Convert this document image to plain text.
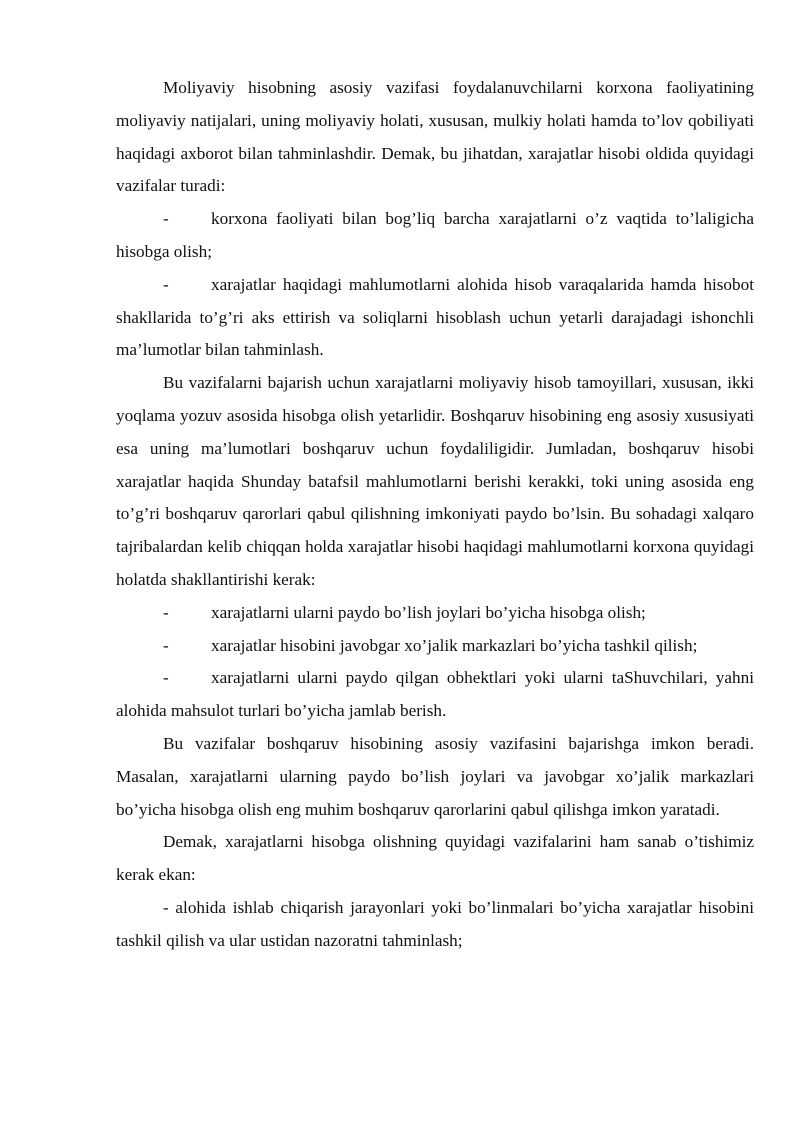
Moliyaviy hisobning asosiy vazifasi foydalanuvchilarni korxona faoliyatining moliyaviy natijalari, uning moliyaviy holati, xususan, mulkiy holati hamda to’lov qobiliyati haqidagi axborot bilan tahminlashdir. Demak, bu jihatdan, xarajatlar hisobi oldida quyidagi vazifalar turadi:

- korxona faoliyati bilan bog’liq barcha xarajatlarni o’z vaqtida to’laligicha hisobga olish;

- xarajatlar haqidagi mahlumotlarni alohida hisob varaqalarida hamda hisobot shakllarida to’g’ri aks ettirish va soliqlarni hisoblash uchun yetarli darajadagi ishonchli ma’lumotlar bilan tahminlash.

Bu vazifalarni bajarish uchun xarajatlarni moliyaviy hisob tamoyillari, xususan, ikki yoqlama yozuv asosida hisobga olish yetarlidir. Boshqaruv hisobining eng asosiy xususiyati esa uning ma’lumotlari boshqaruv uchun foydaliligidir. Jumladan, boshqaruv hisobi xarajatlar haqida Shunday batafsil mahlumotlarni berishi kerakki, toki uning asosida eng to’g’ri boshqaruv qarorlari qabul qilishning imkoniyati paydo bo’lsin. Bu sohadagi xalqaro tajribalardan kelib chiqqan holda xarajatlar hisobi haqidagi mahlumotlarni korxona quyidagi holatda shakllantirishi kerak:

- xarajatlarni ularni paydo bo’lish joylari bo’yicha hisobga olish;

- xarajatlar hisobini javobgar xo’jalik markazlari bo’yicha tashkil qilish;

- xarajatlarni ularni paydo qilgan obhektlari yoki ularni taShuvchilari, yahni alohida mahsulot turlari bo’yicha jamlab berish.

Bu vazifalar boshqaruv hisobining asosiy vazifasini bajarishga imkon beradi. Masalan, xarajatlarni ularning paydo bo’lish joylari va javobgar xo’jalik markazlari bo’yicha hisobga olish eng muhim boshqaruv qarorlarini qabul qilishga imkon yaratadi.

Demak, xarajatlarni hisobga olishning quyidagi vazifalarini ham sanab o’tishimiz kerak ekan:

- alohida ishlab chiqarish jarayonlari yoki bo’linmalari bo’yicha xarajatlar hisobini tashkil qilish va ular ustidan nazoratni tahminlash;
